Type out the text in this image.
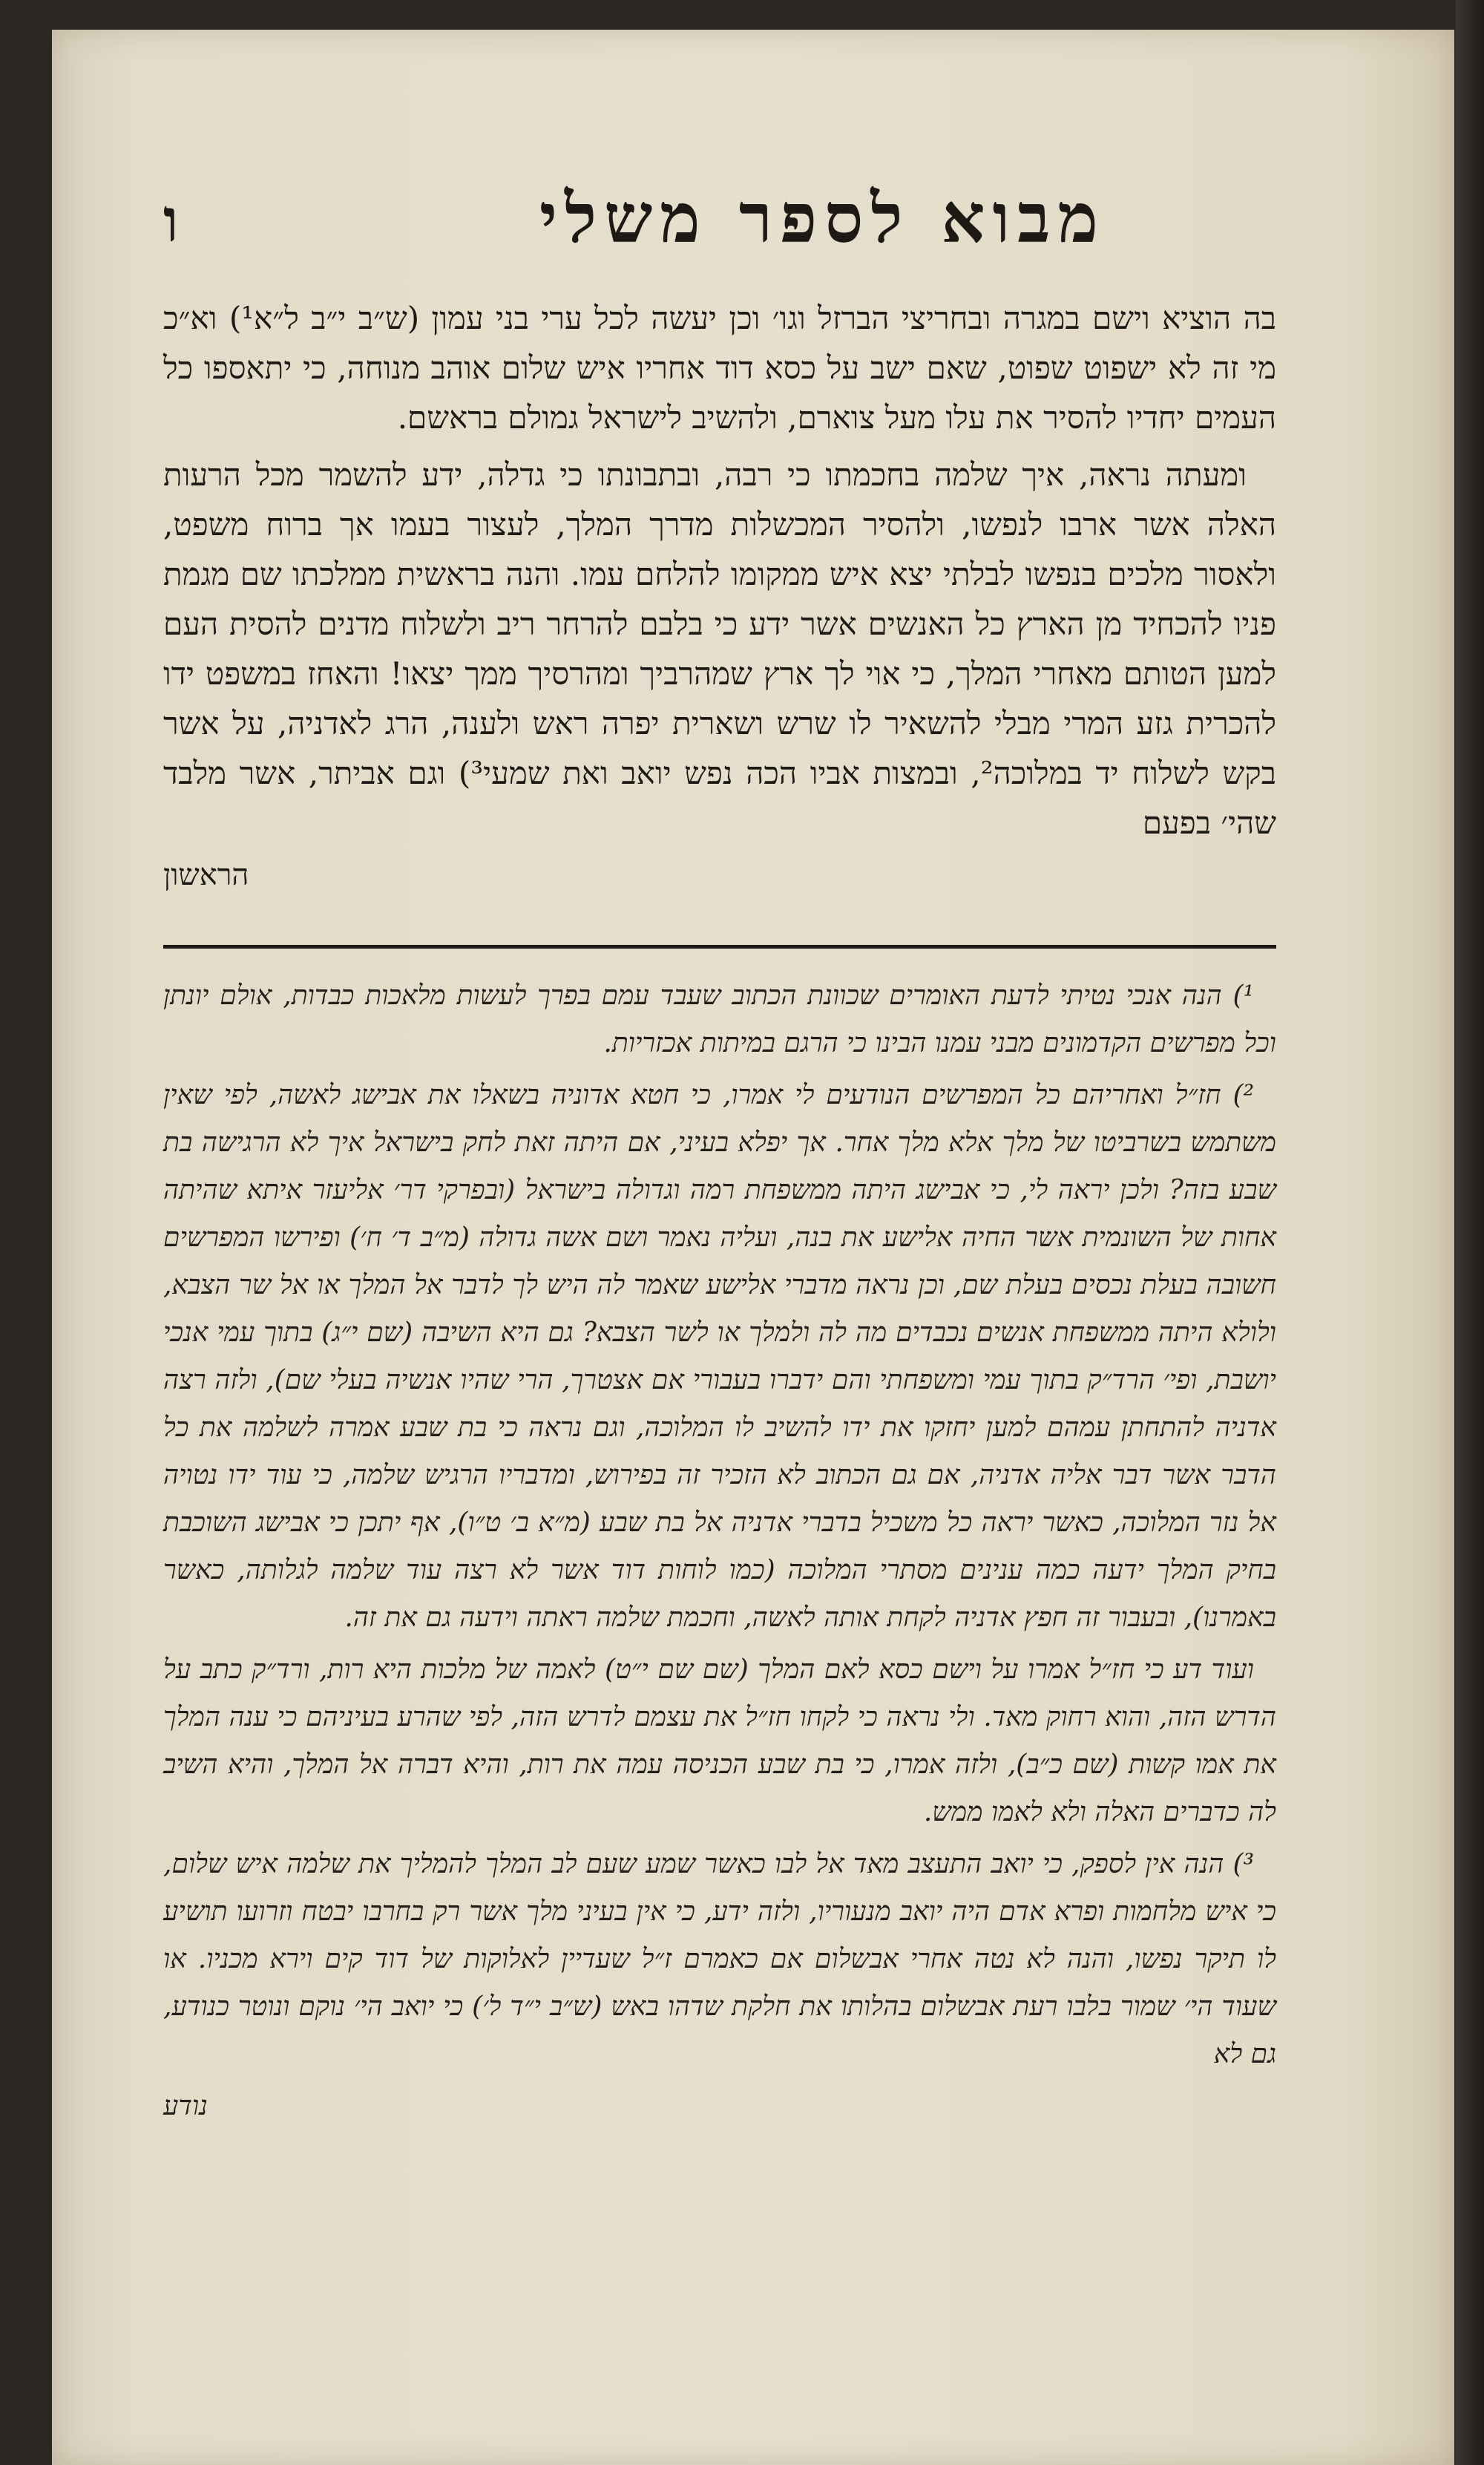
מבוא לספר משלי
ו

בה הוציא וישם במגרה ובחריצי הברזל וגו׳ וכן יעשה לכל ערי בני עמון (ש״ב י״ב ל״א¹) וא״כ מי זה לא ישפוט שפוט, שאם ישב על כסא דוד אחריו איש שלום אוהב מנוחה, כי יתאספו כל העמים יחדיו להסיר את עלו מעל צוארם, ולהשיב לישראל גמולם בראשם.

ומעתה נראה, איך שלמה בחכמתו כי רבה, ובתבונתו כי גדלה, ידע להשמר מכל הרעות האלה אשר ארבו לנפשו, ולהסיר המכשלות מדרך המלך, לעצור בעמו אך ברוח משפט, ולאסור מלכים בנפשו לבלתי יצא איש ממקומו להלחם עמו. והנה בראשית ממלכתו שם מגמת פניו להכחיד מן הארץ כל האנשים אשר ידע כי בלבם להרחר ריב ולשלוח מדנים להסית העם למען הטותם מאחרי המלך, כי אוי לך ארץ שמהרביך ומהרסיך ממך יצאו! והאחז במשפט ידו להכרית גזע המרי מבלי להשאיר לו שרש ושארית יפרה ראש ולענה, הרג לאדניה, על אשר בקש לשלוח יד במלוכה², ובמצות אביו הכה נפש יואב ואת שמעי³) וגם אביתר, אשר מלבד שהי׳ בפעם

הראשון

¹) הנה אנכי נטיתי לדעת האומרים שכוונת הכתוב שעבד עמם בפרך לעשות מלאכות כבדות, אולם יונתן וכל מפרשים הקדמונים מבני עמנו הבינו כי הרגם במיתות אכזריות.

²) חז״ל ואחריהם כל המפרשים הנודעים לי אמרו, כי חטא אדוניה בשאלו את אבישג לאשה, לפי שאין משתמש בשרביטו של מלך אלא מלך אחר. אך יפלא בעיני, אם היתה זאת לחק בישראל איך לא הרגישה בת שבע בזה? ולכן יראה לי, כי אבישג היתה ממשפחת רמה וגדולה בישראל (ובפרקי דר׳ אליעזר איתא שהיתה אחות של השונמית אשר החיה אלישע את בנה, ועליה נאמר ושם אשה גדולה (מ״ב ד׳ ח׳) ופירשו המפרשים חשובה בעלת נכסים בעלת שם, וכן נראה מדברי אלישע שאמר לה היש לך לדבר אל המלך או אל שר הצבא, ולולא היתה ממשפחת אנשים נכבדים מה לה ולמלך או לשר הצבא? גם היא השיבה (שם י״ג) בתוך עמי אנכי יושבת, ופי׳ הרד״ק בתוך עמי ומשפחתי והם ידברו בעבורי אם אצטרך, הרי שהיו אנשיה בעלי שם), ולזה רצה אדניה להתחתן עמהם למען יחזקו את ידו להשיב לו המלוכה, וגם נראה כי בת שבע אמרה לשלמה את כל הדבר אשר דבר אליה אדניה, אם גם הכתוב לא הזכיר זה בפירוש, ומדבריו הרגיש שלמה, כי עוד ידו נטויה אל נזר המלוכה, כאשר יראה כל משכיל בדברי אדניה אל בת שבע (מ״א ב׳ ט״ו), אף יתכן כי אבישג השוכבת בחיק המלך ידעה כמה ענינים מסתרי המלוכה (כמו לוחות דוד אשר לא רצה עוד שלמה לגלותה, כאשר באמרנו), ובעבור זה חפץ אדניה לקחת אותה לאשה, וחכמת שלמה ראתה וידעה גם את זה.

ועוד דע כי חז״ל אמרו על וישם כסא לאם המלך (שם שם י״ט) לאמה של מלכות היא רות, ורד״ק כתב על הדרש הזה, והוא רחוק מאד. ולי נראה כי לקחו חז״ל את עצמם לדרש הזה, לפי שהרע בעיניהם כי ענה המלך את אמו קשות (שם כ״ב), ולזה אמרו, כי בת שבע הכניסה עמה את רות, והיא דברה אל המלך, והיא השיב לה כדברים האלה ולא לאמו ממש.

³) הנה אין לספק, כי יואב התעצב מאד אל לבו כאשר שמע שעם לב המלך להמליך את שלמה איש שלום, כי איש מלחמות ופרא אדם היה יואב מנעוריו, ולזה ידע, כי אין בעיני מלך אשר רק בחרבו יבטח וזרועו תושיע לו תיקר נפשו, והנה לא נטה אחרי אבשלום אם כאמרם ז״ל שעדיין לאלוקות של דוד קים וירא מכניו. או שעוד הי׳ שמור בלבו רעת אבשלום בהלותו את חלקת שדהו באש (ש״ב י״ד ל׳) כי יואב הי׳ נוקם ונוטר כנודע, גם לא

נודע
